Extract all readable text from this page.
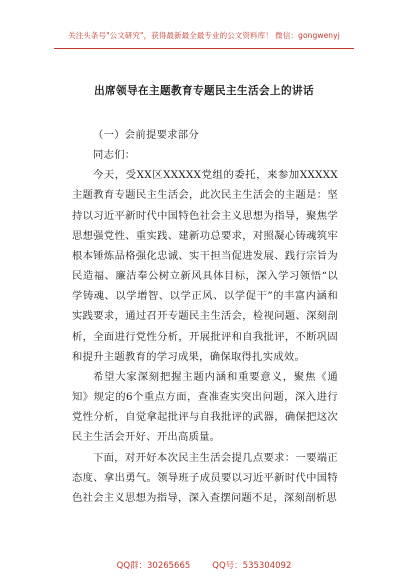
关注头条号"公文研究"，获得最新最全最专业的公文资料库！ 微信：gongwenyj
出席领导在主题教育专题民主生活会上的讲话

（一）会前提要求部分

同志们：

今天，受XX区XXXXX党组的委托，来参加XXXXX主题教育专题民主生活会，此次民主生活会的主题是：坚持以习近平新时代中国特色社会主义思想为指导，聚焦学思想强党性、重实践、建新功总要求，对照凝心铸魂筑牢根本锤炼品格强化忠诚、实干担当促进发展、践行宗旨为民造福、廉洁奉公树立新风具体目标，深入学习领悟“以学铸魂、以学增智、以学正风、以学促干”的丰富内涵和实践要求，通过召开专题民主生活会，检视问题、深刻剖析，全面进行党性分析，开展批评和自我批评，不断巩固和提升主题教育的学习成果，确保取得扎实成效。

希望大家深刻把握主题内涵和重要意义，聚焦《通知》规定的6个重点方面，查准查实突出问题，深入进行党性分析，自觉拿起批评与自我批评的武器，确保把这次民主生活会开好、开出高质量。

下面，对开好本次民主生活会提几点要求：一要端正态度、拿出勇气。领导班子成员要以习近平新时代中国特色社会主义思想为指导，深入查摆问题不足，深刻剖析思

QQ群：30265665	QQ号：535304092
